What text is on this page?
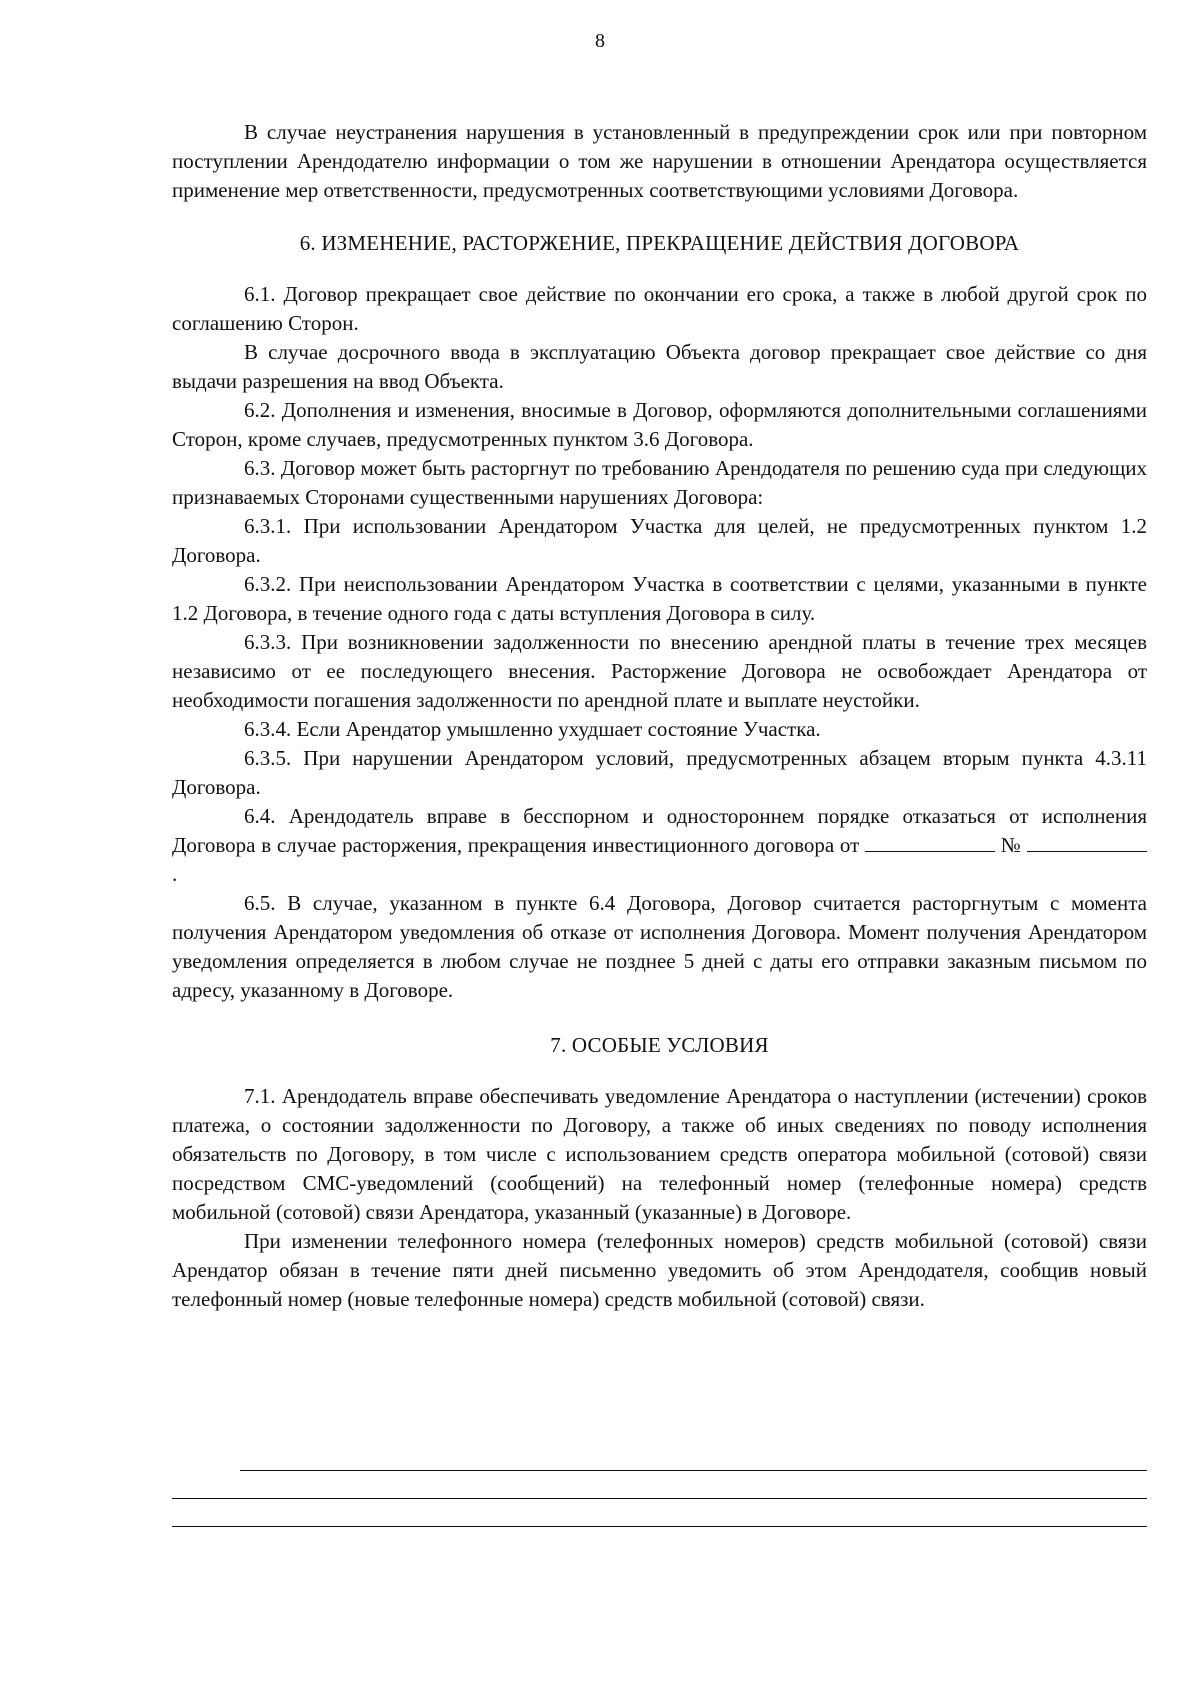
8

В случае неустранения нарушения в установленный в предупреждении срок или при повторном поступлении Арендодателю информации о том же нарушении в отношении Арендатора осуществляется применение мер ответственности, предусмотренных соответствующими условиями Договора.

6. ИЗМЕНЕНИЕ, РАСТОРЖЕНИЕ, ПРЕКРАЩЕНИЕ ДЕЙСТВИЯ ДОГОВОРА

6.1. Договор прекращает свое действие по окончании его срока, а также в любой другой срок по соглашению Сторон.

В случае досрочного ввода в эксплуатацию Объекта договор прекращает свое действие со дня выдачи разрешения на ввод Объекта.

6.2. Дополнения и изменения, вносимые в Договор, оформляются дополнительными соглашениями Сторон, кроме случаев, предусмотренных пунктом 3.6 Договора.

6.3. Договор может быть расторгнут по требованию Арендодателя по решению суда при следующих признаваемых Сторонами существенными нарушениях Договора:

6.3.1. При использовании Арендатором Участка для целей, не предусмотренных пунктом 1.2 Договора.

6.3.2. При неиспользовании Арендатором Участка в соответствии с целями, указанными в пункте 1.2 Договора, в течение одного года с даты вступления Договора в силу.

6.3.3. При возникновении задолженности по внесению арендной платы в течение трех месяцев независимо от ее последующего внесения. Расторжение Договора не освобождает Арендатора от необходимости погашения задолженности по арендной плате и выплате неустойки.

6.3.4. Если Арендатор умышленно ухудшает состояние Участка.

6.3.5. При нарушении Арендатором условий, предусмотренных абзацем вторым пункта 4.3.11 Договора.

6.4. Арендодатель вправе в бесспорном и одностороннем порядке отказаться от исполнения Договора в случае расторжения, прекращения инвестиционного договора от	№ .

6.5. В случае, указанном в пункте 6.4 Договора, Договор считается расторгнутым с момента получения Арендатором уведомления об отказе от исполнения Договора. Момент получения Арендатором уведомления определяется в любом случае не позднее 5 дней с даты его отправки заказным письмом по адресу, указанному в Договоре.

7. ОСОБЫЕ УСЛОВИЯ

7.1. Арендодатель вправе обеспечивать уведомление Арендатора о наступлении (истечении) сроков платежа, о состоянии задолженности по Договору, а также об иных сведениях по поводу исполнения обязательств по Договору, в том числе с использованием средств оператора мобильной (сотовой) связи посредством СМС-уведомлений (сообщений) на телефонный номер (телефонные номера) средств мобильной (сотовой) связи Арендатора, указанный (указанные) в Договоре.

При изменении телефонного номера (телефонных номеров) средств мобильной (сотовой) связи Арендатор обязан в течение пяти дней письменно уведомить об этом Арендодателя, сообщив новый телефонный номер (новые телефонные номера) средств мобильной (сотовой) связи.
